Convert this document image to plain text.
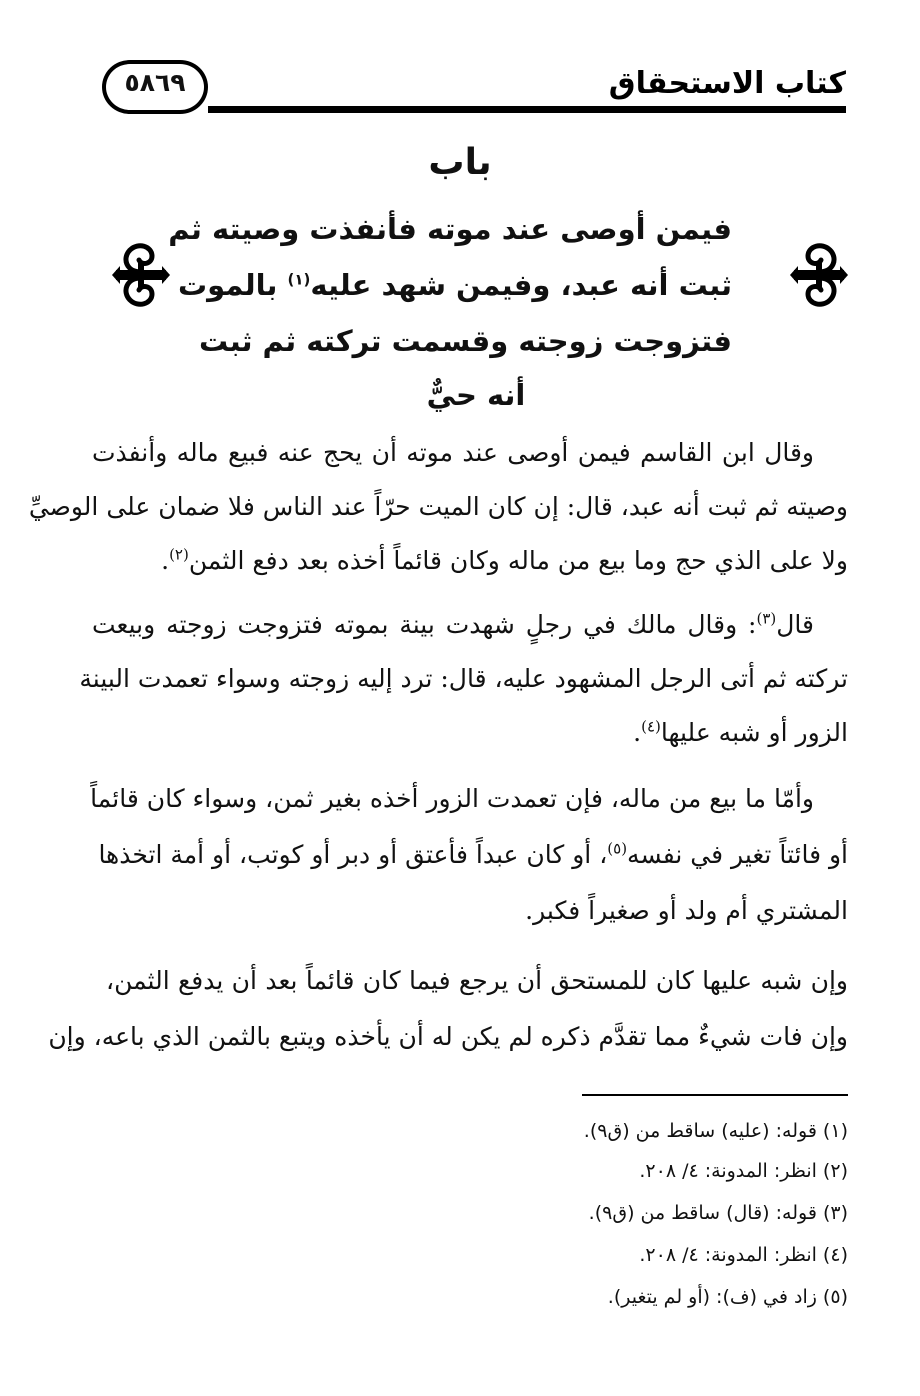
كتاب الاستحقاق
٥٨٦٩
باب
فيمن أوصى عند موته فأنفذت وصيته ثم
ثبت أنه عبد، وفيمن شهد عليه$^{(١)}$ بالموت
فتزوجت زوجته وقسمت تركته ثم ثبت
أنه حيٌّ
وقال ابن القاسم فيمن أوصى عند موته أن يحج عنه فبيع ماله وأنفذت
وصيته ثم ثبت أنه عبد، قال: إن كان الميت حرّاً عند الناس فلا ضمان على الوصيِّ
ولا على الذي حج وما بيع من ماله وكان قائماً أخذه بعد دفع الثمن$^{(٢)}$.
قال$^{(٣)}$: وقال مالك في رجلٍ شهدت بينة بموته فتزوجت زوجته وبيعت
تركته ثم أتى الرجل المشهود عليه، قال: ترد إليه زوجته وسواء تعمدت البينة
الزور أو شبه عليها$^{(٤)}$.
وأمّا ما بيع من ماله، فإن تعمدت الزور أخذه بغير ثمن، وسواء كان قائماً
أو فائتاً تغير في نفسه$^{(٥)}$، أو كان عبداً فأعتق أو دبر أو كوتب، أو أمة اتخذها
المشتري أم ولد أو صغيراً فكبر.
وإن شبه عليها كان للمستحق أن يرجع فيما كان قائماً بعد أن يدفع الثمن،
وإن فات شيءٌ مما تقدَّم ذكره لم يكن له أن يأخذه ويتبع بالثمن الذي باعه، وإن
(١) قوله: (عليه) ساقط من (ق٩).
(٢) انظر: المدونة: ٤/ ٢٠٨.
(٣) قوله: (قال) ساقط من (ق٩).
(٤) انظر: المدونة: ٤/ ٢٠٨.
(٥) زاد في (ف): (أو لم يتغير).
